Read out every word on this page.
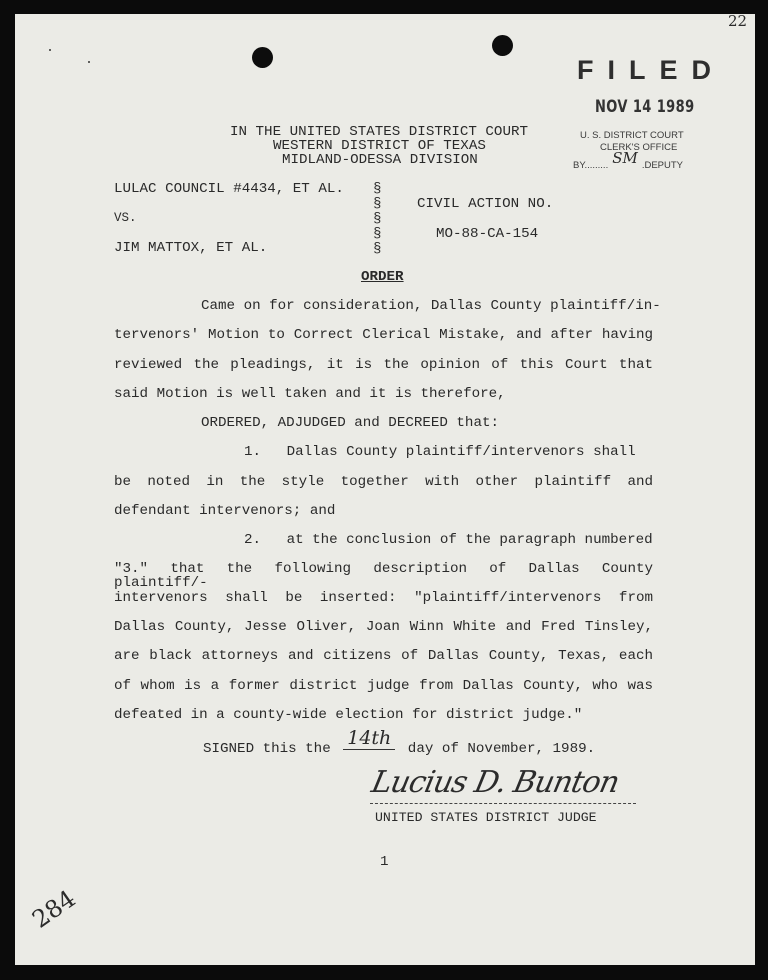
22
FILED
NOV 14 1989
U. S. DISTRICT COURT
CLERK'S OFFICE
BY......... SM .DEPUTY
IN THE UNITED STATES DISTRICT COURT
WESTERN DISTRICT OF TEXAS
MIDLAND-ODESSA DIVISION
LULAC COUNCIL #4434, ET AL.
VS.
JIM MATTOX, ET AL.
§
§
§
§
§
CIVIL ACTION NO.
MO-88-CA-154
ORDER
Came on for consideration, Dallas County plaintiff/in-
tervenors' Motion to Correct Clerical Mistake, and after having
reviewed the pleadings, it is the opinion of this Court that
said Motion is well taken and it is therefore,
ORDERED, ADJUDGED and DECREED that:
1.   Dallas County plaintiff/intervenors shall
be noted in the style together with other plaintiff and
defendant intervenors; and
2.   at the conclusion of the paragraph numbered
"3." that the following description of Dallas County plaintiff/-
intervenors shall be inserted: "plaintiff/intervenors from
Dallas County, Jesse Oliver, Joan Winn White and Fred Tinsley,
are black attorneys and citizens of Dallas County, Texas, each
of whom is a former district judge from Dallas County, who was
defeated in a county-wide election for district judge."
SIGNED this the  14th  day of November, 1989.
Lucius D. Bunton
UNITED STATES DISTRICT JUDGE
1
284
